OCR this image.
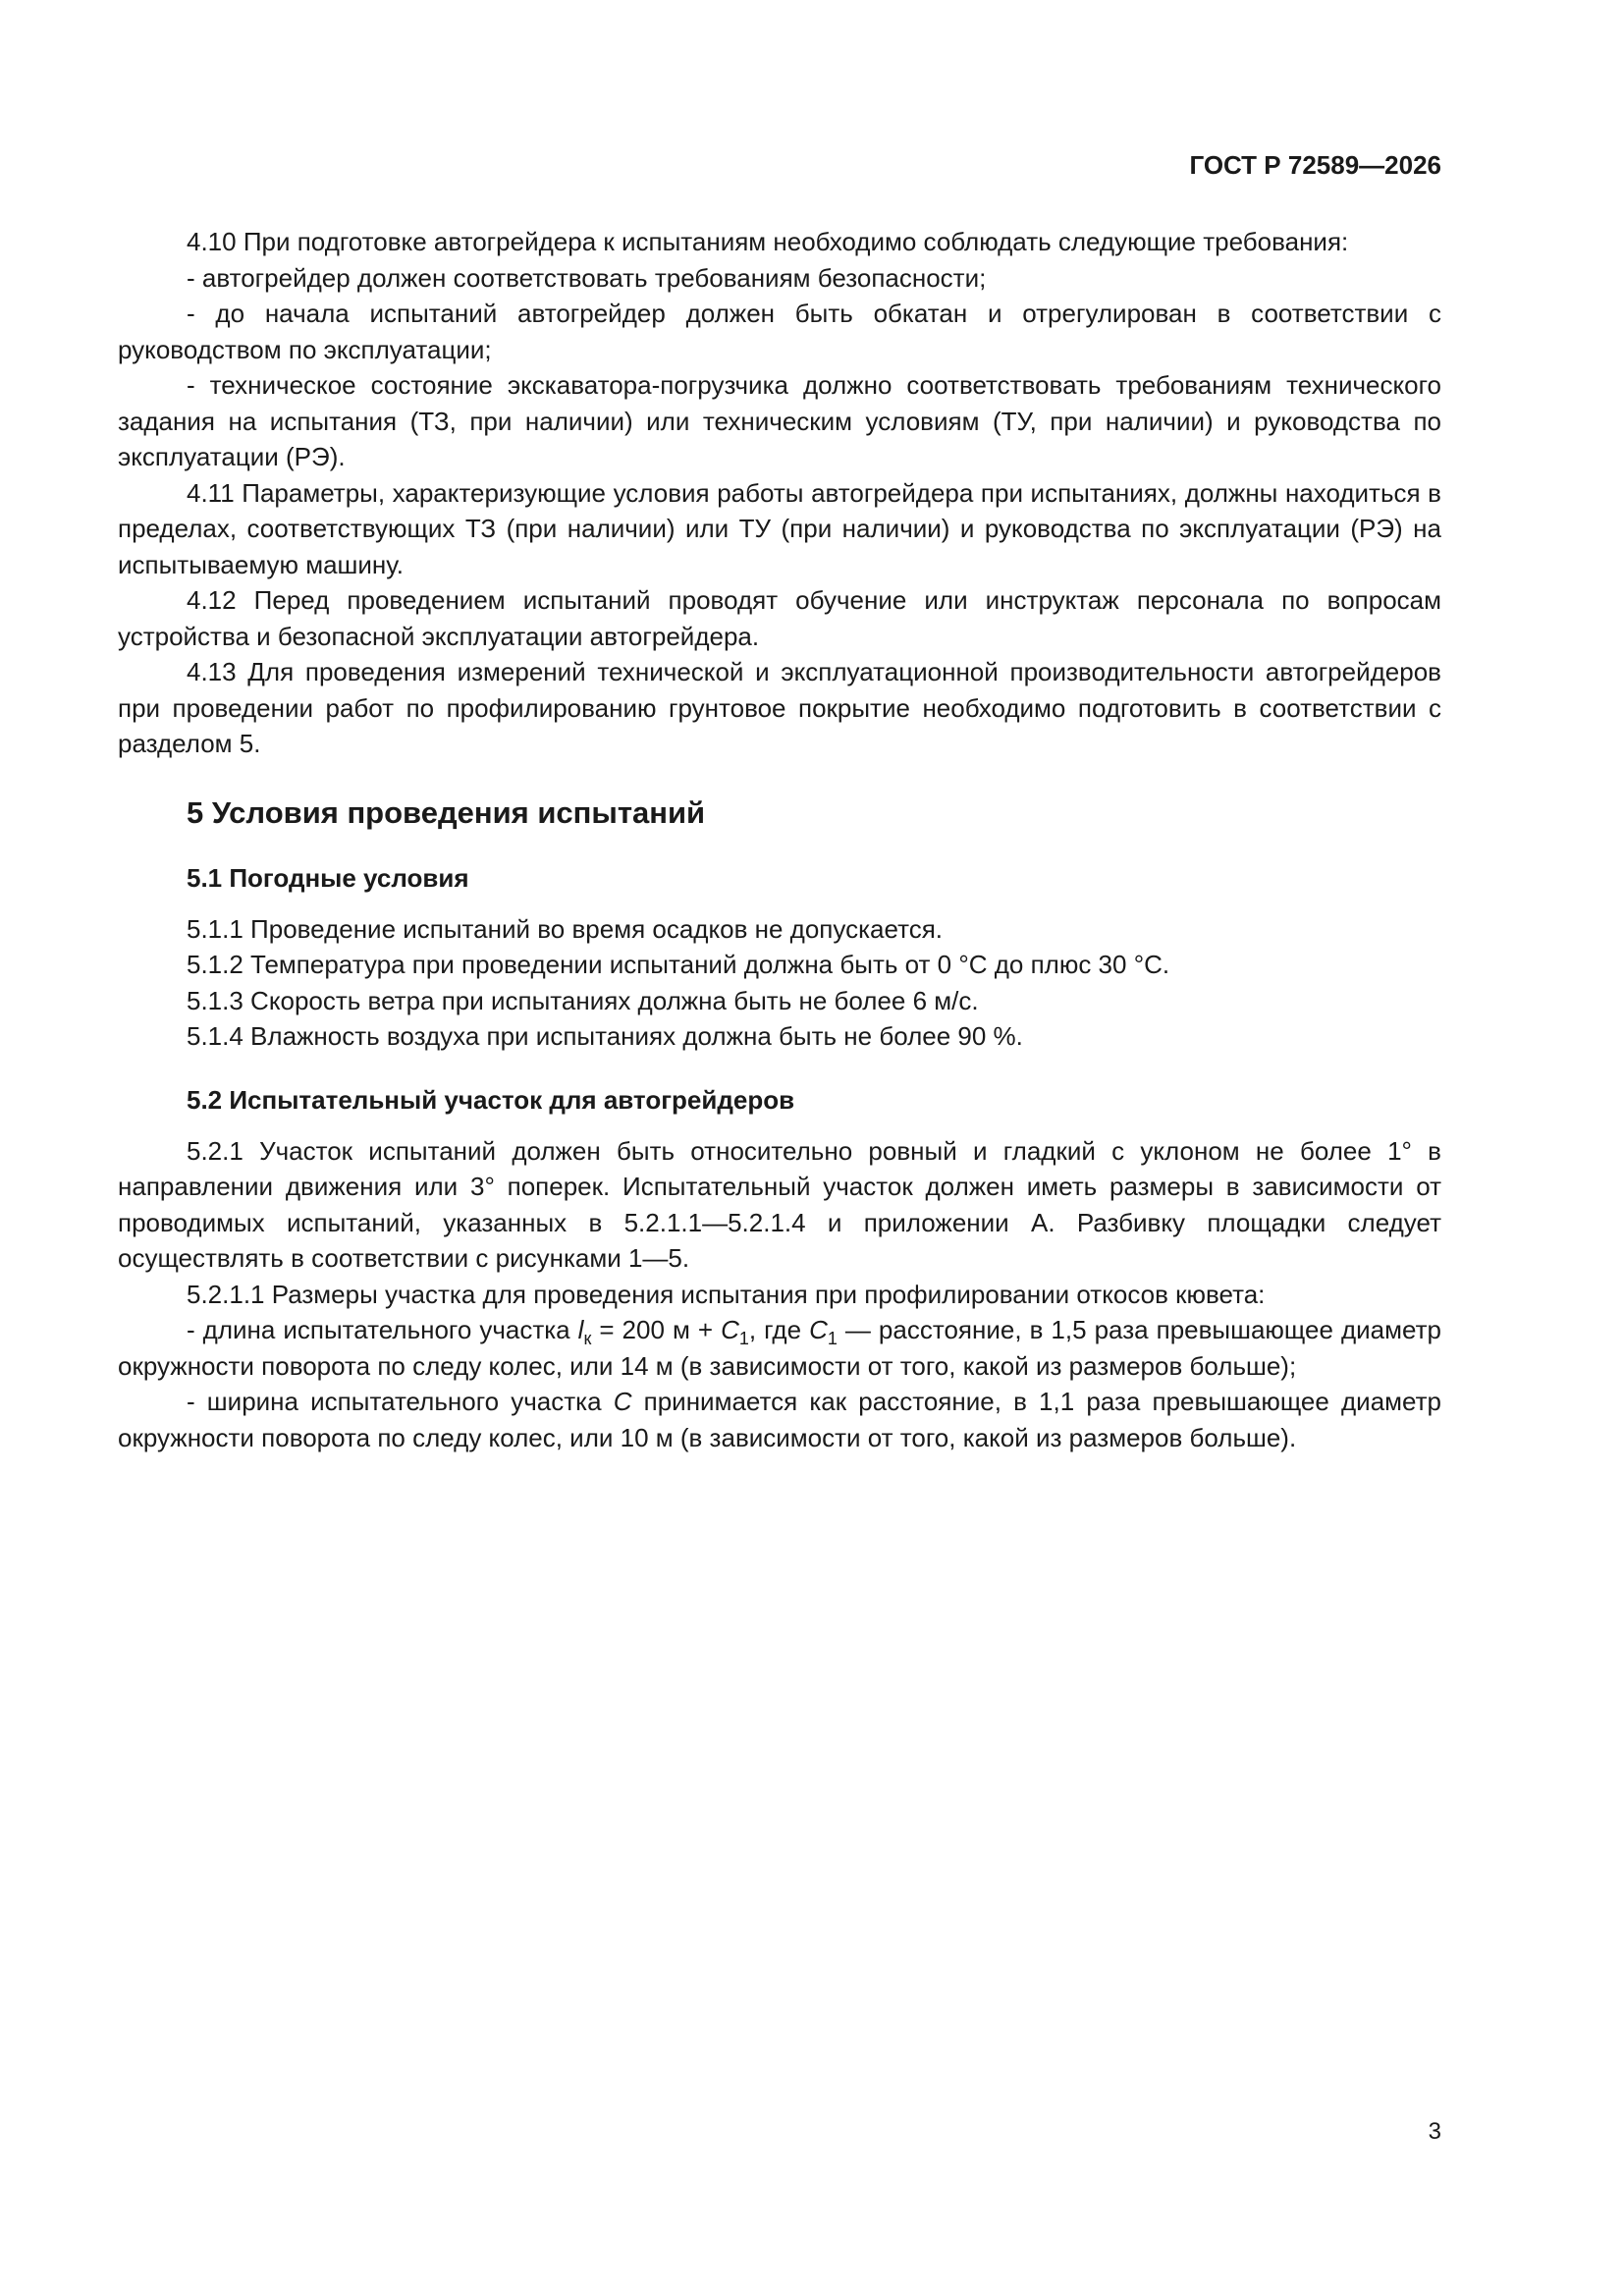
ГОСТ Р 72589—2026

4.10 При подготовке автогрейдера к испытаниям необходимо соблюдать следующие требования:

- автогрейдер должен соответствовать требованиям безопасности;

- до начала испытаний автогрейдер должен быть обкатан и отрегулирован в соответствии с руководством по эксплуатации;

- техническое состояние экскаватора-погрузчика должно соответствовать требованиям технического задания на испытания (ТЗ, при наличии) или техническим условиям (ТУ, при наличии) и руководства по эксплуатации (РЭ).

4.11 Параметры, характеризующие условия работы автогрейдера при испытаниях, должны находиться в пределах, соответствующих ТЗ (при наличии) или ТУ (при наличии) и руководства по эксплуатации (РЭ) на испытываемую машину.

4.12 Перед проведением испытаний проводят обучение или инструктаж персонала по вопросам устройства и безопасной эксплуатации автогрейдера.

4.13 Для проведения измерений технической и эксплуатационной производительности автогрейдеров при проведении работ по профилированию грунтовое покрытие необходимо подготовить в соответствии с разделом 5.

5 Условия проведения испытаний
5.1 Погодные условия

5.1.1 Проведение испытаний во время осадков не допускается.

5.1.2 Температура при проведении испытаний должна быть от 0 °С до плюс 30 °С.

5.1.3 Скорость ветра при испытаниях должна быть не более 6 м/с.

5.1.4 Влажность воздуха при испытаниях должна быть не более 90 %.

5.2 Испытательный участок для автогрейдеров

5.2.1 Участок испытаний должен быть относительно ровный и гладкий с уклоном не более 1° в направлении движения или 3° поперек. Испытательный участок должен иметь размеры в зависимости от проводимых испытаний, указанных в 5.2.1.1—5.2.1.4 и приложении А. Разбивку площадки следует осуществлять в соответствии с рисунками 1—5.

5.2.1.1 Размеры участка для проведения испытания при профилировании откосов кювета:

- длина испытательного участка $l_к = 200$ $м + C_1$, где $C_1$ — расстояние, в 1,5 раза превышающее диаметр окружности поворота по следу колес, или 14 м (в зависимости от того, какой из размеров больше);

- ширина испытательного участка C принимается как расстояние, в 1,1 раза превышающее диаметр окружности поворота по следу колес, или 10 м (в зависимости от того, какой из размеров больше).

3
